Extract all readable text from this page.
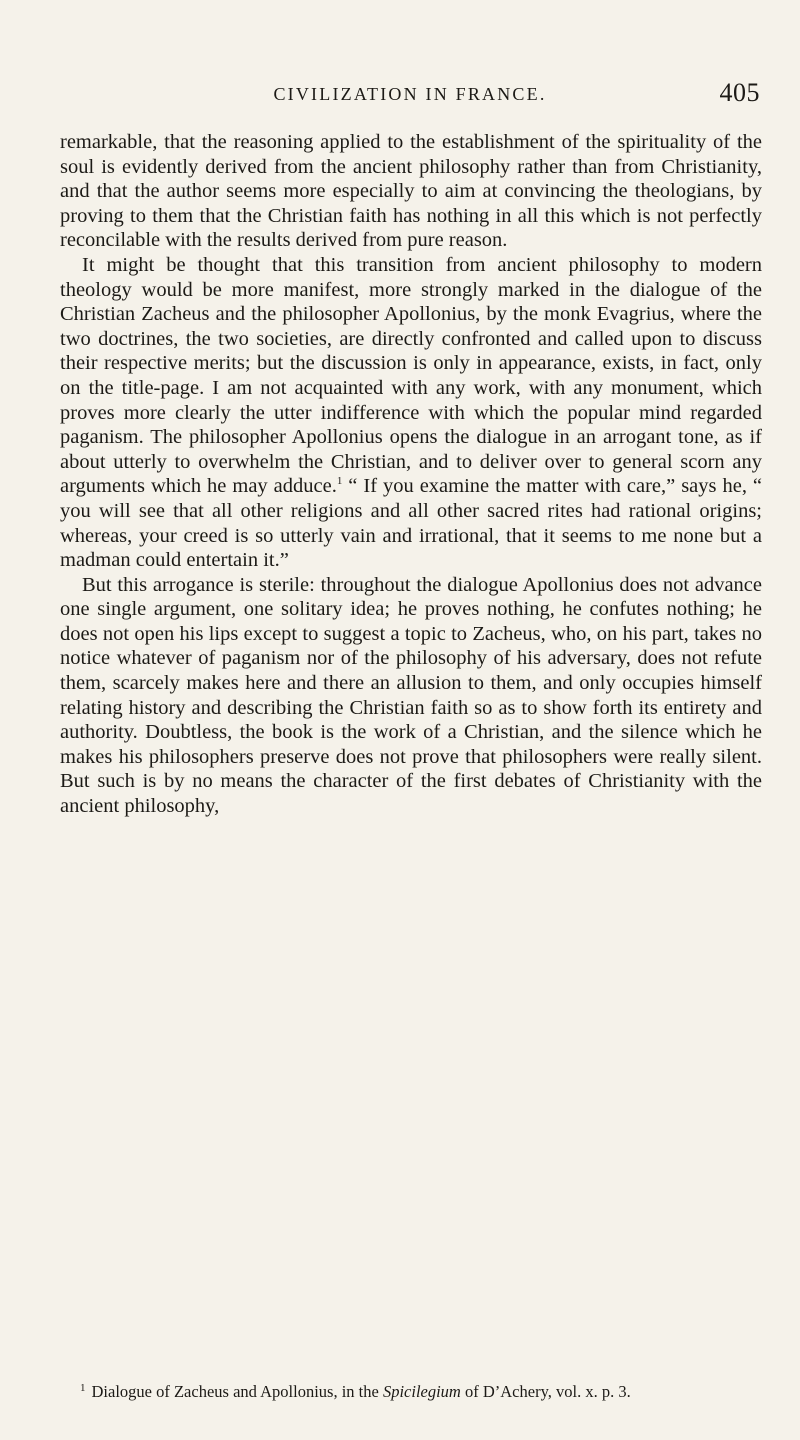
CIVILIZATION IN FRANCE.	405

remarkable, that the reasoning applied to the establishment of the spirituality of the soul is evidently derived from the ancient philosophy rather than from Christianity, and that the author seems more especially to aim at convincing the theologians, by proving to them that the Christian faith has nothing in all this which is not perfectly reconcilable with the results derived from pure reason.

It might be thought that this transition from ancient philosophy to modern theology would be more manifest, more strongly marked in the dialogue of the Christian Zacheus and the philosopher Apollonius, by the monk Evagrius, where the two doctrines, the two societies, are directly confronted and called upon to discuss their respective merits; but the discussion is only in appearance, exists, in fact, only on the title-page. I am not acquainted with any work, with any monument, which proves more clearly the utter indifference with which the popular mind regarded paganism. The philosopher Apollonius opens the dialogue in an arrogant tone, as if about utterly to overwhelm the Christian, and to deliver over to general scorn any arguments which he may adduce.$^1$ “ If you examine the matter with care,” says he, “ you will see that all other religions and all other sacred rites had rational origins; whereas, your creed is so utterly vain and irrational, that it seems to me none but a madman could entertain it.”

But this arrogance is sterile: throughout the dialogue Apollonius does not advance one single argument, one solitary idea; he proves nothing, he confutes nothing; he does not open his lips except to suggest a topic to Zacheus, who, on his part, takes no notice whatever of paganism nor of the philosophy of his adversary, does not refute them, scarcely makes here and there an allusion to them, and only occupies himself relating history and describing the Christian faith so as to show forth its entirety and authority. Doubtless, the book is the work of a Christian, and the silence which he makes his philosophers preserve does not prove that philosophers were really silent. But such is by no means the character of the first debates of Christianity with the ancient philosophy,

$^1$ Dialogue of Zacheus and Apollonius, in the Spicilegium of D’Achery, vol. x. p. 3.
